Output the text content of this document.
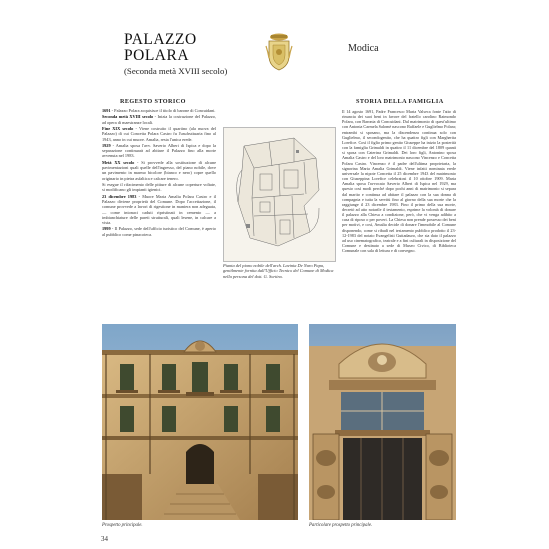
PALAZZO
POLARA
(Seconda metà XVIII secolo)
Modica
REGESTO STORICO

1691 - Palazzo Polara acquisisce il titolo di barone di Concuidani.

Seconda metà XVIII secolo - Inizia la costruzione del Palazzo, ad opera di maestranze locali.

Fine XIX secolo - Viene costruito il quartino (ala nuova del Palazzo) di cui Concetta Polara Castro fu l'usufruttuaria fino al 1943, anno in cui muore. Amalia, resta l'unica erede.

1929 - Amalia sposa l'avv. Saverio Alberi di Ispica e dopo la separazione continuarà ad abitare il Palazzo fino alla morte avvenuta nel 1983.

Metà XX secolo - Si provvede alla sostituzione di alcune pavimentazioni quali quelle dell'ingresso, del piano nobile, dove un pavimento in marmo bicolore (bianco e nero) copre quello originario in pietra asfaltica e calcare tenero.

Si esegue il rifacimento delle pitture di alcune coperture voltate, si modificano gli impianti igienici.

23 dicembre 1983 - Muore Maria Amalia Polara Castro e il Palazzo diviene proprietà del Comune. Dopo l'accettazione, il comune provvede a lavori di rigestione in maniera non adeguata, — come intonaci caduti ripristinati in cemento — a imbianchiature delle pareti strutturali, quali lesene, in calcare a vista.

1999 - Il Palazzo, sede dell'ufficio turistico del Comune, è aperto al pubblico come pinacoteca.

Pianta del piano nobile dell'arch. Lavinia De Naro Papa, gentilmente fornita dall'Ufficio Tecnico del Comune di Modica nella persona del dott. G. Sortino.
STORIA DELLA FAMIGLIA

Il 14 agosto 1691, Padre Francesco Maria Valseca fonte l'atto di rinuncia dei suoi beni in favore del fratello carolino Raimondo Polara, con Baronia di Concuidani. Dal matrimonio di quest'ultimo con Antonia Carmela Salomè nascono Raffaele e Guglielmo Polara; entrambi si sposano, ma la discendenza continua solo con Guglielmo, il secondogenito, che ha quattro figli con Margherita Lorefice. Così il figlio primo genito Giuseppe ha inizio la posterità con la famiglia Grimaldi in quattro il 11 dicembre del 1809 quanti si sposa con Caterina Grimaldi. Dei loro figli, Antonino sposa Amalia Castro e del loro matrimonio nascono Vincenzo e Concetta Polara Castro. Vincenzo è il padre dell'ultima proprietaria, la signorina Maria Amalia Grimaldi. Viene infatti nominata erede universale la nipote Concetta il 25 dicembre 1943 del matrimonio con Giuseppina Lorefice celebratosi il 10 ottobre 1909. Maria Amalia sposa l'avvocato Saverio Alberi di Ispica nel 1929, ma questo così modi perché dopo pochi anni di matrimonio si separa dal marito e continua ad abitare il palazzo con la sua donna di compagnia e tutta la servitù fino al giorno della sua morte che la raggiunge il 23 dicembre 1983. Fino il primo della sua morte, decretò ad atto notarile il testamento, esprime la volontà di donare il palazzo alla Chiesa a condizione, però, che vi venga adibito a casa di riposo o per poveri. La Chiesa non prende possesso dei beni per motivi, e così, Amalia decide di donare l'immobile al Comune disponendo, come si ribadì nel testamento pubblico prodotto il 23-12-1983 del notaio Evangelisti Guttadauro, che sia dato il palazzo ad uso cinematografico, teatrale e a fini culturali in disposizione del Comune e destinato a sede di Museo Civico, di Biblioteca Comunale con sala di lettura e di convegno.

Prospetto principale.	Particolare prospetto principale.
34
